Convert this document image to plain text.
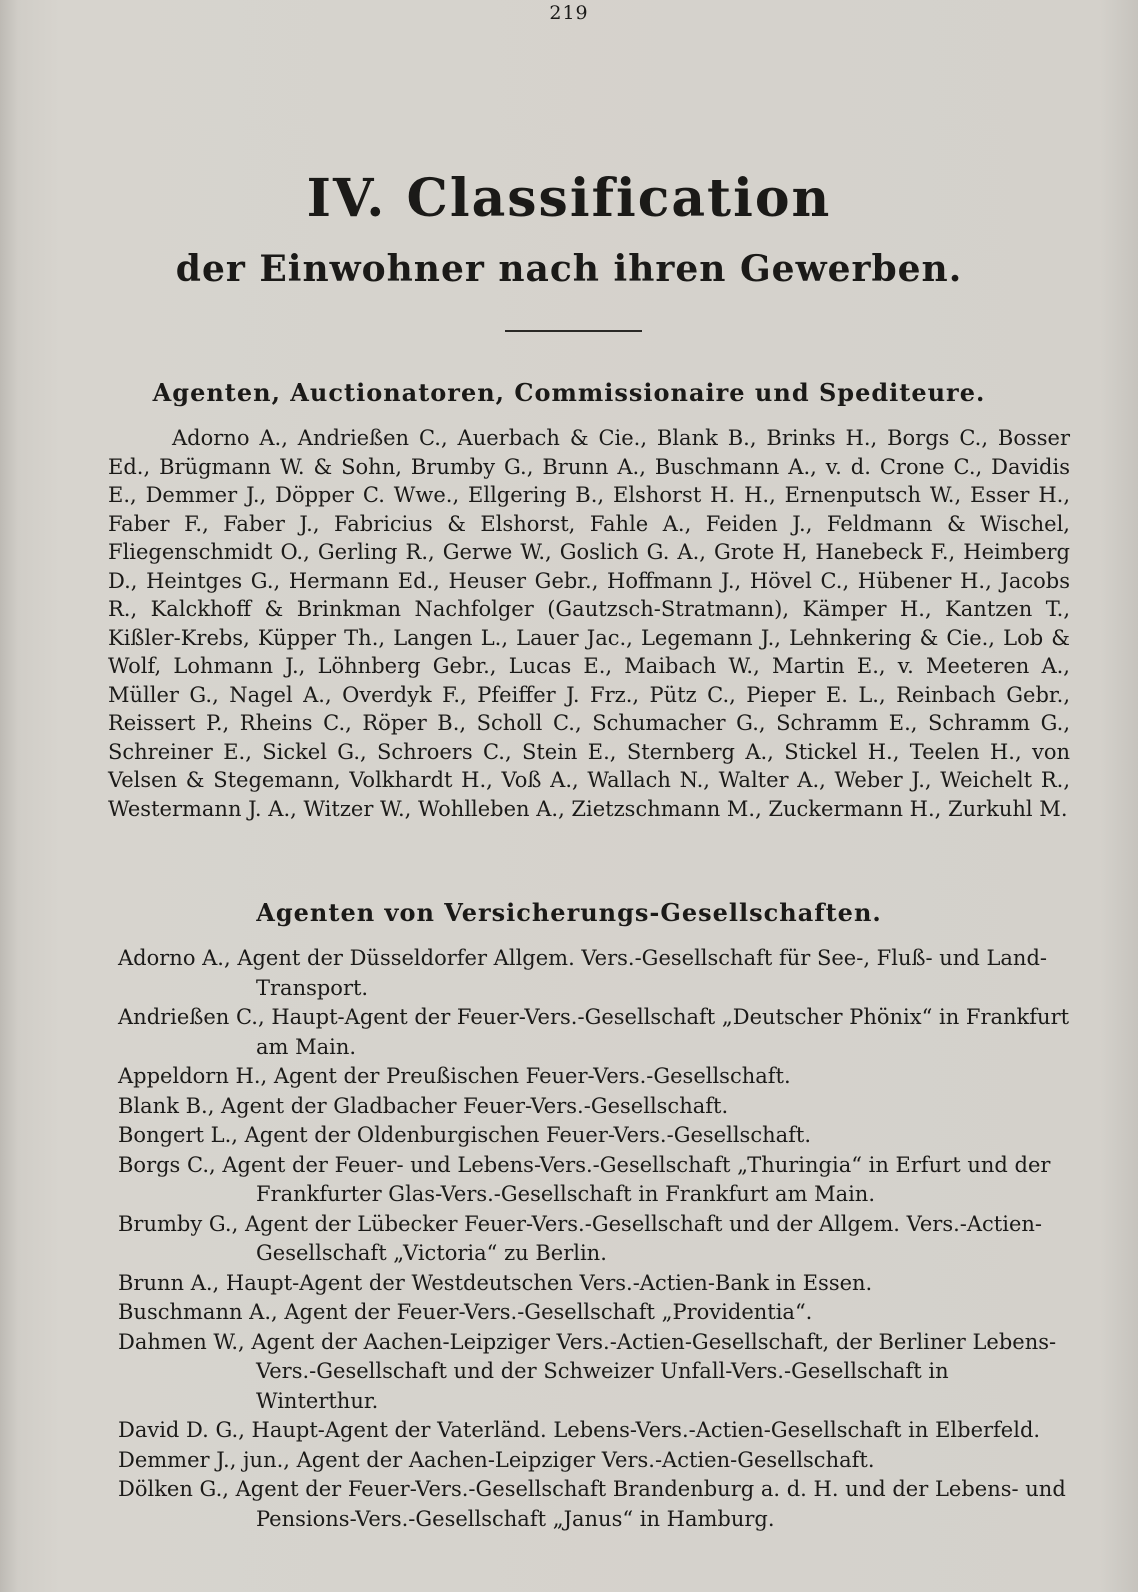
219
IV. Classification
der Einwohner nach ihren Gewerben.
Agenten, Auctionatoren, Commissionaire und Spediteure.

Adorno A., Andrießen C., Auerbach & Cie., Blank B., Brinks H., Borgs C., Bosser Ed., Brügmann W. & Sohn, Brumby G., Brunn A., Buschmann A., v. d. Crone C., Davidis E., Demmer J., Döpper C. Wwe., Ellgering B., Elshorst H. H., Ernenputsch W., Esser H., Faber F., Faber J., Fabricius & Elshorst, Fahle A., Feiden J., Feldmann & Wischel, Fliegenschmidt O., Gerling R., Gerwe W., Goslich G. A., Grote H, Hanebeck F., Heimberg D., Heintges G., Hermann Ed., Heuser Gebr., Hoffmann J., Hövel C., Hübener H., Jacobs R., Kalckhoff & Brinkman Nachfolger (Gautzsch-Stratmann), Kämper H., Kantzen T., Kißler-Krebs, Küpper Th., Langen L., Lauer Jac., Legemann J., Lehnkering & Cie., Lob & Wolf, Lohmann J., Löhnberg Gebr., Lucas E., Maibach W., Martin E., v. Meeteren A., Müller G., Nagel A., Overdyk F., Pfeiffer J. Frz., Pütz C., Pieper E. L., Reinbach Gebr., Reissert P., Rheins C., Röper B., Scholl C., Schumacher G., Schramm E., Schramm G., Schreiner E., Sickel G., Schroers C., Stein E., Sternberg A., Stickel H., Teelen H., von Velsen & Stegemann, Volkhardt H., Voß A., Wallach N., Walter A., Weber J., Weichelt R., Westermann J. A., Witzer W., Wohlleben A., Zietzschmann M., Zuckermann H., Zurkuhl M.

Agenten von Versicherungs-Gesellschaften.

Adorno A., Agent der Düsseldorfer Allgem. Vers.-Gesellschaft für See-, Fluß- und Land-Transport.

Andrießen C., Haupt-Agent der Feuer-Vers.-Gesellschaft „Deutscher Phönix“ in Frankfurt am Main.

Appeldorn H., Agent der Preußischen Feuer-Vers.-Gesellschaft.

Blank B., Agent der Gladbacher Feuer-Vers.-Gesellschaft.

Bongert L., Agent der Oldenburgischen Feuer-Vers.-Gesellschaft.

Borgs C., Agent der Feuer- und Lebens-Vers.-Gesellschaft „Thuringia“ in Erfurt und der Frankfurter Glas-Vers.-Gesellschaft in Frankfurt am Main.

Brumby G., Agent der Lübecker Feuer-Vers.-Gesellschaft und der Allgem. Vers.-Actien-Gesellschaft „Victoria“ zu Berlin.

Brunn A., Haupt-Agent der Westdeutschen Vers.-Actien-Bank in Essen.

Buschmann A., Agent der Feuer-Vers.-Gesellschaft „Providentia“.

Dahmen W., Agent der Aachen-Leipziger Vers.-Actien-Gesellschaft, der Berliner Lebens-Vers.-Gesellschaft und der Schweizer Unfall-Vers.-Gesellschaft in Winterthur.

David D. G., Haupt-Agent der Vaterländ. Lebens-Vers.-Actien-Gesellschaft in Elberfeld.

Demmer J., jun., Agent der Aachen-Leipziger Vers.-Actien-Gesellschaft.

Dölken G., Agent der Feuer-Vers.-Gesellschaft Brandenburg a. d. H. und der Lebens- und Pensions-Vers.-Gesellschaft „Janus“ in Hamburg.
